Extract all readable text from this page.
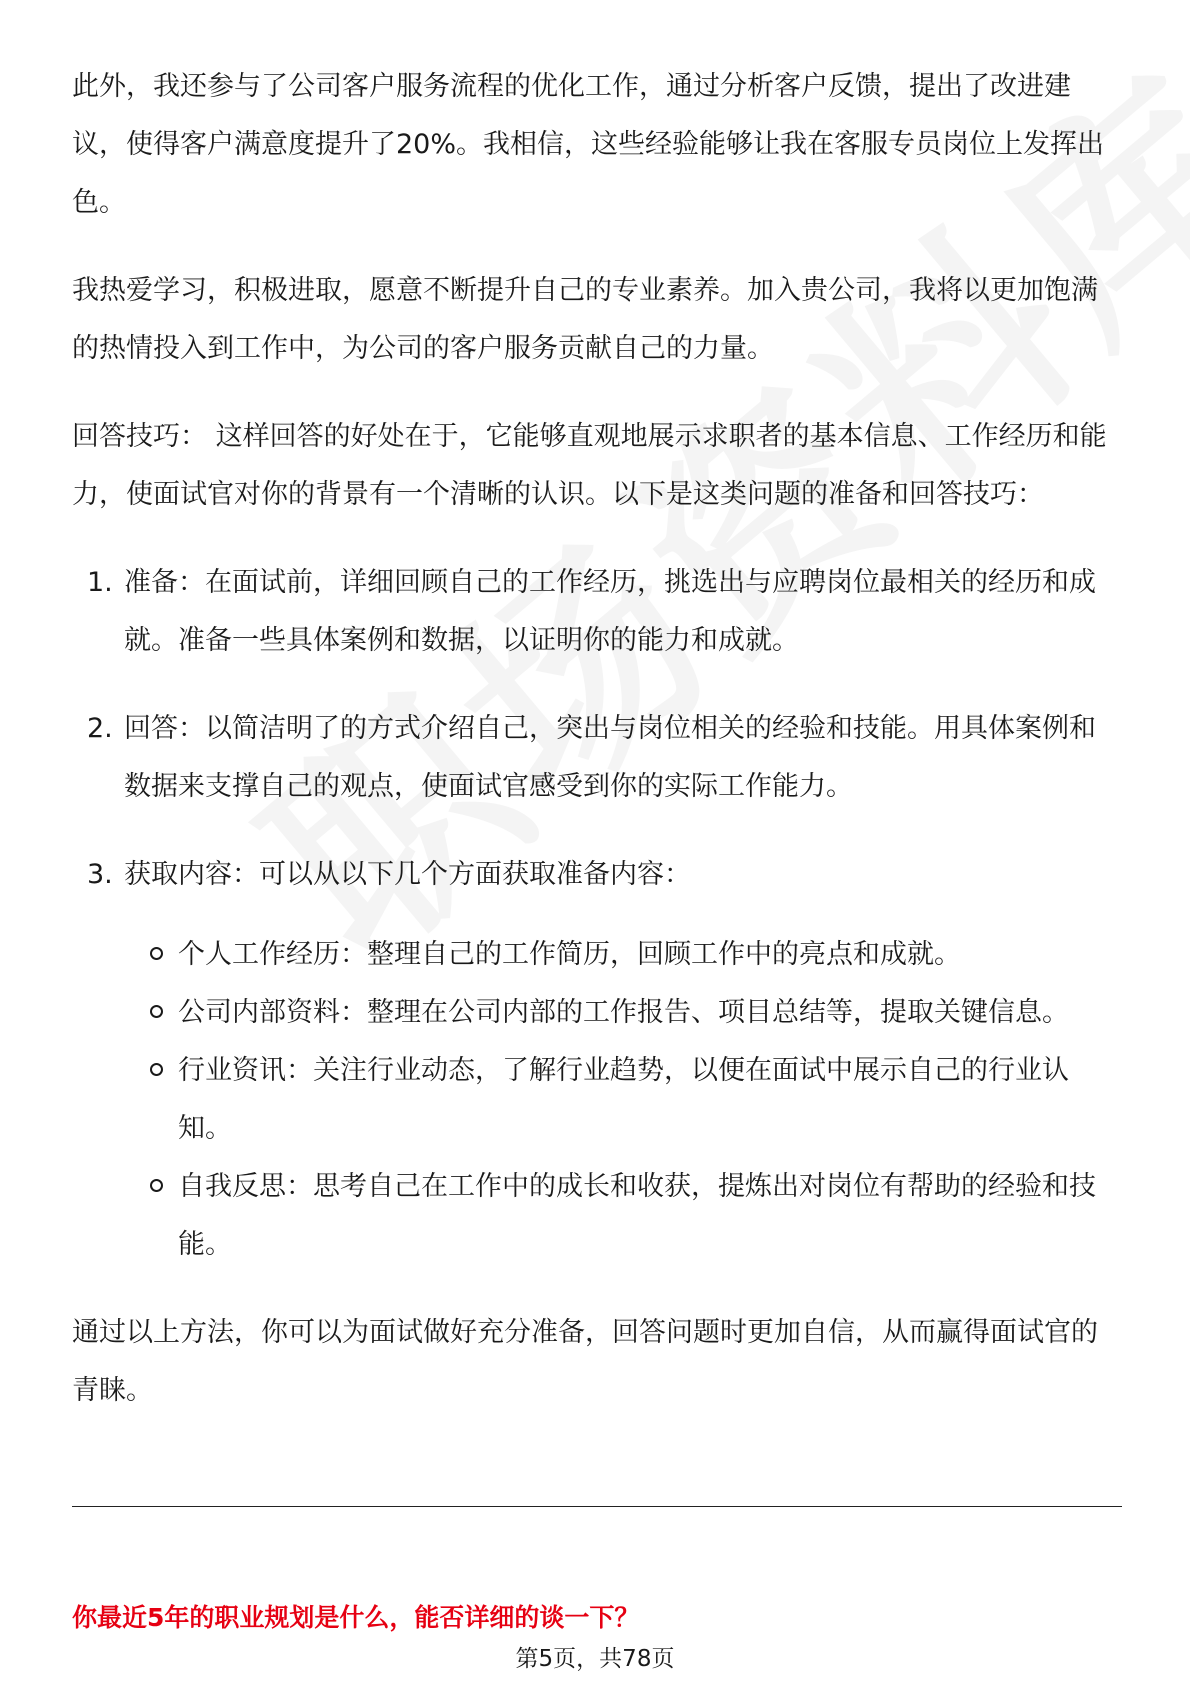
此外，我还参与了公司客户服务流程的优化工作，通过分析客户反馈，提出了改进建议，使得客户满意度提升了20%。我相信，这些经验能够让我在客服专员岗位上发挥出色。

我热爱学习，积极进取，愿意不断提升自己的专业素养。加入贵公司，我将以更加饱满的热情投入到工作中，为公司的客户服务贡献自己的力量。

回答技巧： 这样回答的好处在于，它能够直观地展示求职者的基本信息、工作经历和能力，使面试官对你的背景有一个清晰的认识。以下是这类问题的准备和回答技巧：

1. 准备：在面试前，详细回顾自己的工作经历，挑选出与应聘岗位最相关的经历和成就。准备一些具体案例和数据，以证明你的能力和成就。
2. 回答：以简洁明了的方式介绍自己，突出与岗位相关的经验和技能。用具体案例和数据来支撑自己的观点，使面试官感受到你的实际工作能力。
3. 获取内容：可以从以下几个方面获取准备内容：
个人工作经历：整理自己的工作简历，回顾工作中的亮点和成就。
公司内部资料：整理在公司内部的工作报告、项目总结等，提取关键信息。
行业资讯：关注行业动态，了解行业趋势，以便在面试中展示自己的行业认知。
自我反思：思考自己在工作中的成长和收获，提炼出对岗位有帮助的经验和技能。

通过以上方法，你可以为面试做好充分准备，回答问题时更加自信，从而赢得面试官的青睐。

你最近5年的职业规划是什么，能否详细的谈一下？
第5页，共78页
